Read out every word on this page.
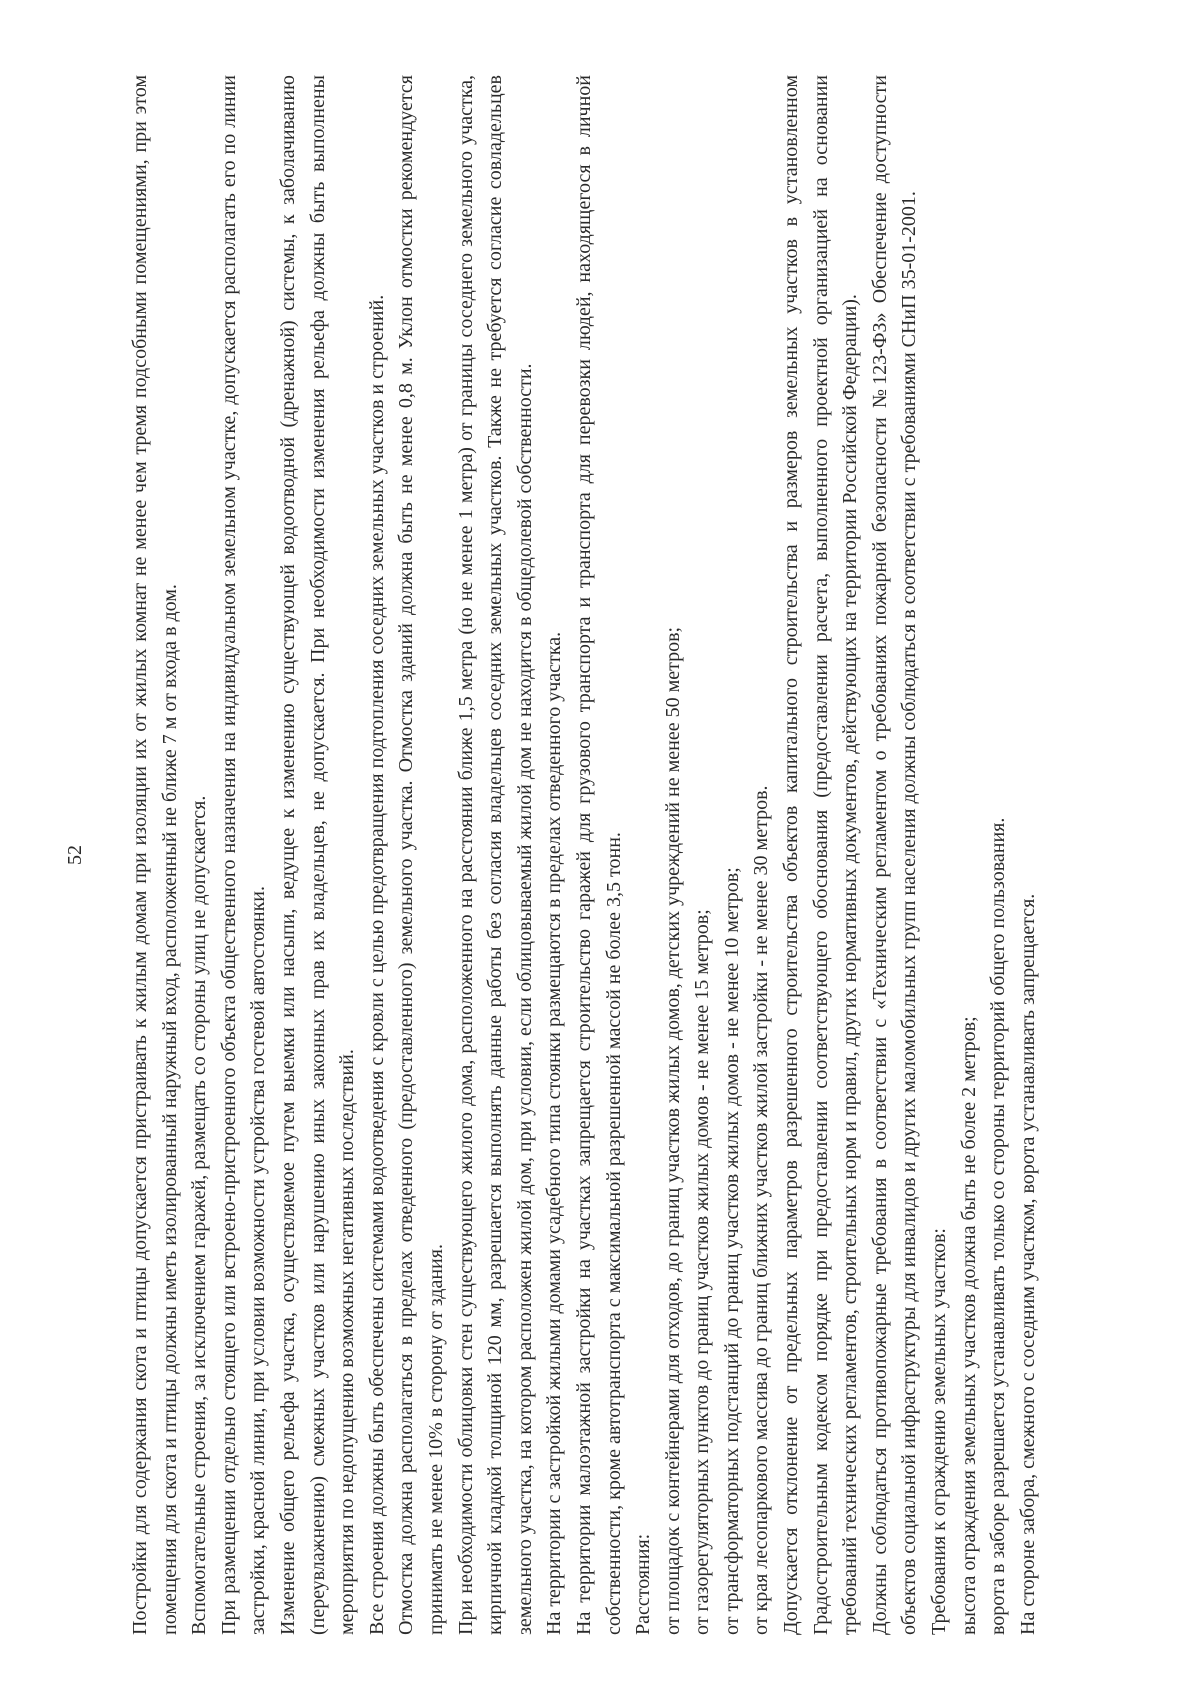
52 Постройки для содержания скота и птицы допускается пристраивать к жилым домам при изоляции их от жилых комнат не менее чем тремя подсобными помещениями, при этом помещения для скота и птицы должны иметь изолированный наружный вход, расположенный не ближе 7 м от входа в дом. Вспомогательные строения, за исключением гаражей, размещать со стороны улиц не допускается. При размещении отдельно стоящего или встроено-пристроенного объекта общественного назначения на индивидуальном земельном участке, допускается располагать его по линии застройки, красной линии, при условии возможности устройства гостевой автостоянки. Изменение общего рельефа участка, осуществляемое путем выемки или насыпи, ведущее к изменению существующей водоотводной (дренажной) системы, к заболачиванию (переувлажнению) смежных участков или нарушению иных законных прав их владельцев, не допускается. При необходимости изменения рельефа должны быть выполнены мероприятия по недопущению возможных негативных последствий. Все строения должны быть обеспечены системами водоотведения с кровли с целью предотвращения подтопления соседних земельных участков и строений. Отмостка должна располагаться в пределах отведенного (предоставленного) земельного участка. Отмостка зданий должна быть не менее 0,8 м. Уклон отмостки рекомендуется принимать не менее 10% в сторону от здания. При необходимости облицовки стен существующего жилого дома, расположенного на расстоянии ближе 1,5 метра (но не менее 1 метра) от границы соседнего земельного участка, кирпичной кладкой толщиной 120 мм, разрешается выполнять данные работы без согласия владельцев соседних земельных участков. Также не требуется согласие совладельцев земельного участка, на котором расположен жилой дом, при условии, если облицовываемый жилой дом не находится в общедолевой собственности. На территории с застройкой жилыми домами усадебного типа стоянки размещаются в пределах отведенного участка. На территории малоэтажной застройки на участках запрещается строительство гаражей для грузового транспорта и транспорта для перевозки людей, находящегося в личной собственности, кроме автотранспорта с максимальной разрешенной массой не более 3,5 тонн. Расстояния: от площадок с контейнерами для отходов, до границ участков жилых домов, детских учреждений не менее 50 метров; от газорегуляторных пунктов до границ участков жилых домов - не менее 15 метров; от трансформаторных подстанций до границ участков жилых домов - не менее 10 метров; от края лесопаркового массива до границ ближних участков жилой застройки - не менее 30 метров. Допускается отклонение от предельных параметров разрешенного строительства объектов капитального строительства и размеров земельных участков в установленном Градостроительным кодексом порядке при предоставлении соответствующего обоснования (предоставлении расчета, выполненного проектной организацией на основании требований технических регламентов, строительных норм и правил, других нормативных документов, действующих на территории Российской Федерации). Должны соблюдаться противопожарные требования в соответствии с «Техническим регламентом о требованиях пожарной безопасности №123-ФЗ» Обеспечение доступности объектов социальной инфраструктуры для инвалидов и других маломобильных групп населения должны соблюдаться в соответствии с требованиями СНиП 35-01-2001. Требования к ограждению земельных участков: высота ограждения земельных участков должна быть не более 2 метров; ворота в заборе разрешается устанавливать только со стороны территорий общего пользования. На стороне забора, смежного с соседним участком, ворота устанавливать запрещается.
